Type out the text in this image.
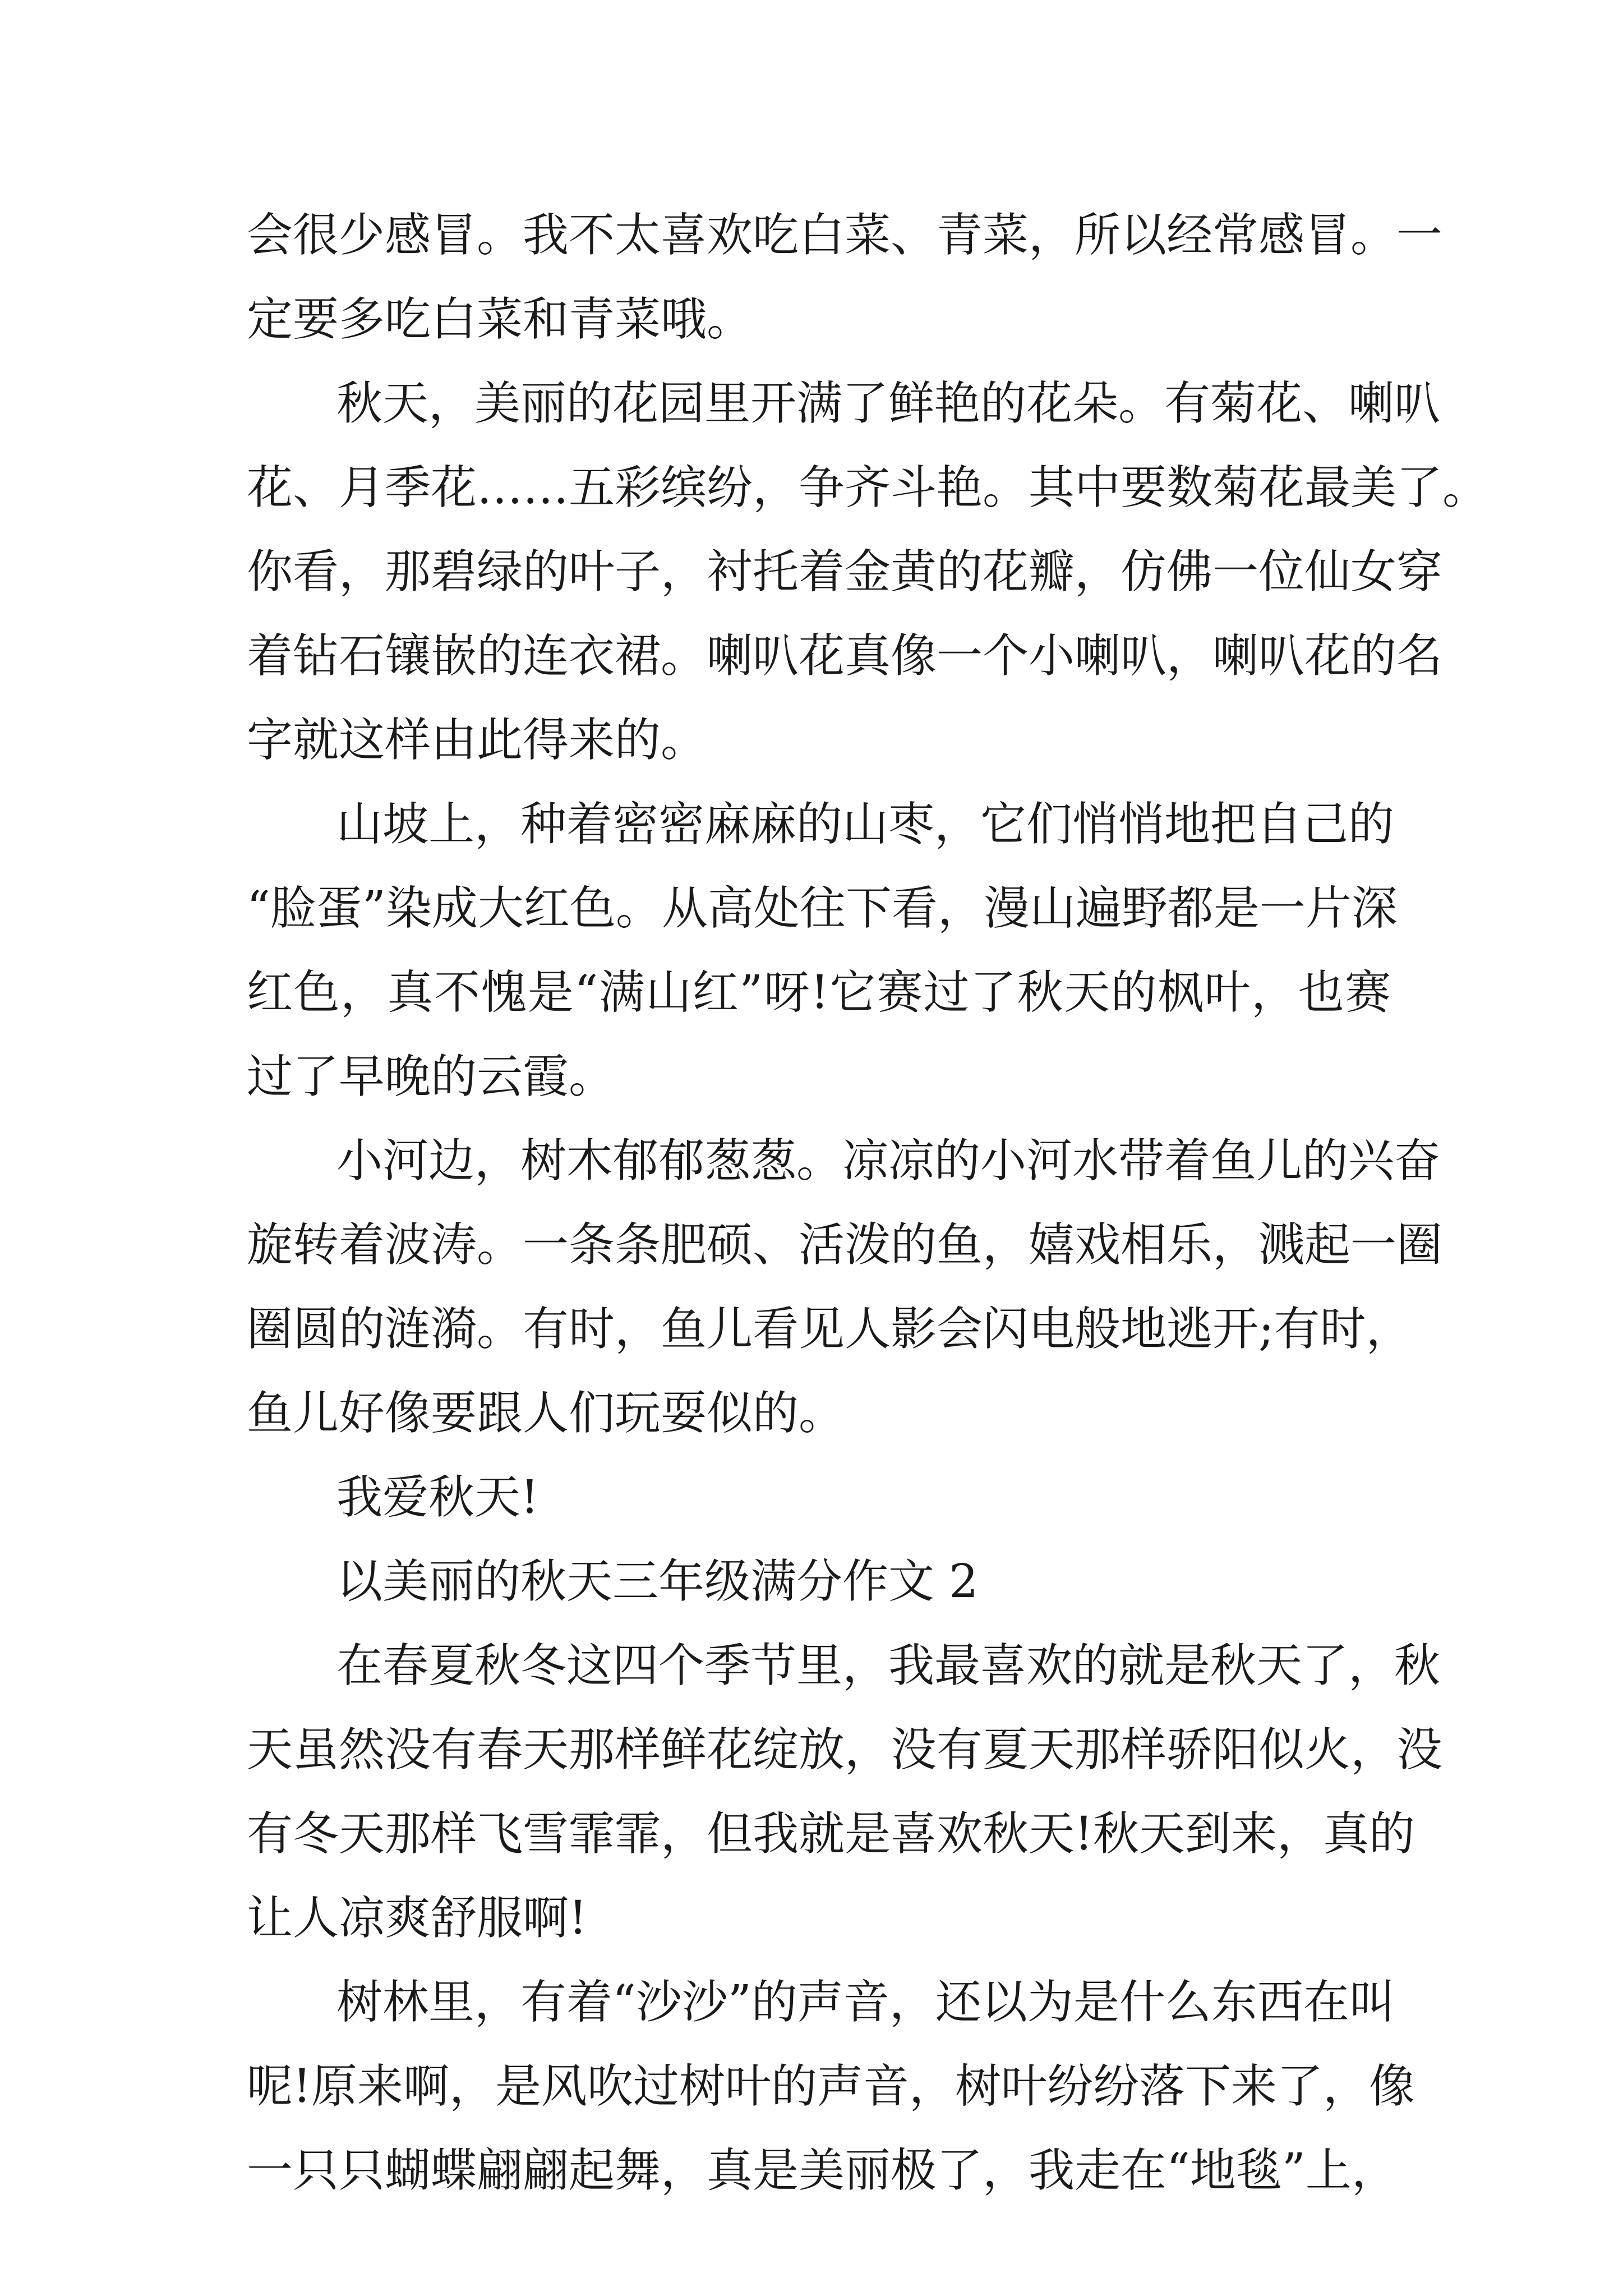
会很少感冒。我不太喜欢吃白菜、青菜，所以经常感冒。一
定要多吃白菜和青菜哦。
秋天，美丽的花园里开满了鲜艳的花朵。有菊花、喇叭
花、月季花……五彩缤纷，争齐斗艳。其中要数菊花最美了。
你看，那碧绿的叶子，衬托着金黄的花瓣，仿佛一位仙女穿
着钻石镶嵌的连衣裙。喇叭花真像一个小喇叭，喇叭花的名
字就这样由此得来的。
山坡上，种着密密麻麻的山枣，它们悄悄地把自己的
“脸蛋”染成大红色。从高处往下看，漫山遍野都是一片深
红色，真不愧是“满山红”呀!它赛过了秋天的枫叶，也赛
过了早晚的云霞。
小河边，树木郁郁葱葱。凉凉的小河水带着鱼儿的兴奋
旋转着波涛。一条条肥硕、活泼的鱼，嬉戏相乐，溅起一圈
圈圆的涟漪。有时，鱼儿看见人影会闪电般地逃开;有时，
鱼儿好像要跟人们玩耍似的。
我爱秋天!
以美丽的秋天三年级满分作文 2
在春夏秋冬这四个季节里，我最喜欢的就是秋天了，秋
天虽然没有春天那样鲜花绽放，没有夏天那样骄阳似火，没
有冬天那样飞雪霏霏，但我就是喜欢秋天!秋天到来，真的
让人凉爽舒服啊!
树林里，有着“沙沙”的声音，还以为是什么东西在叫
呢!原来啊，是风吹过树叶的声音，树叶纷纷落下来了，像
一只只蝴蝶翩翩起舞，真是美丽极了，我走在“地毯”上，
